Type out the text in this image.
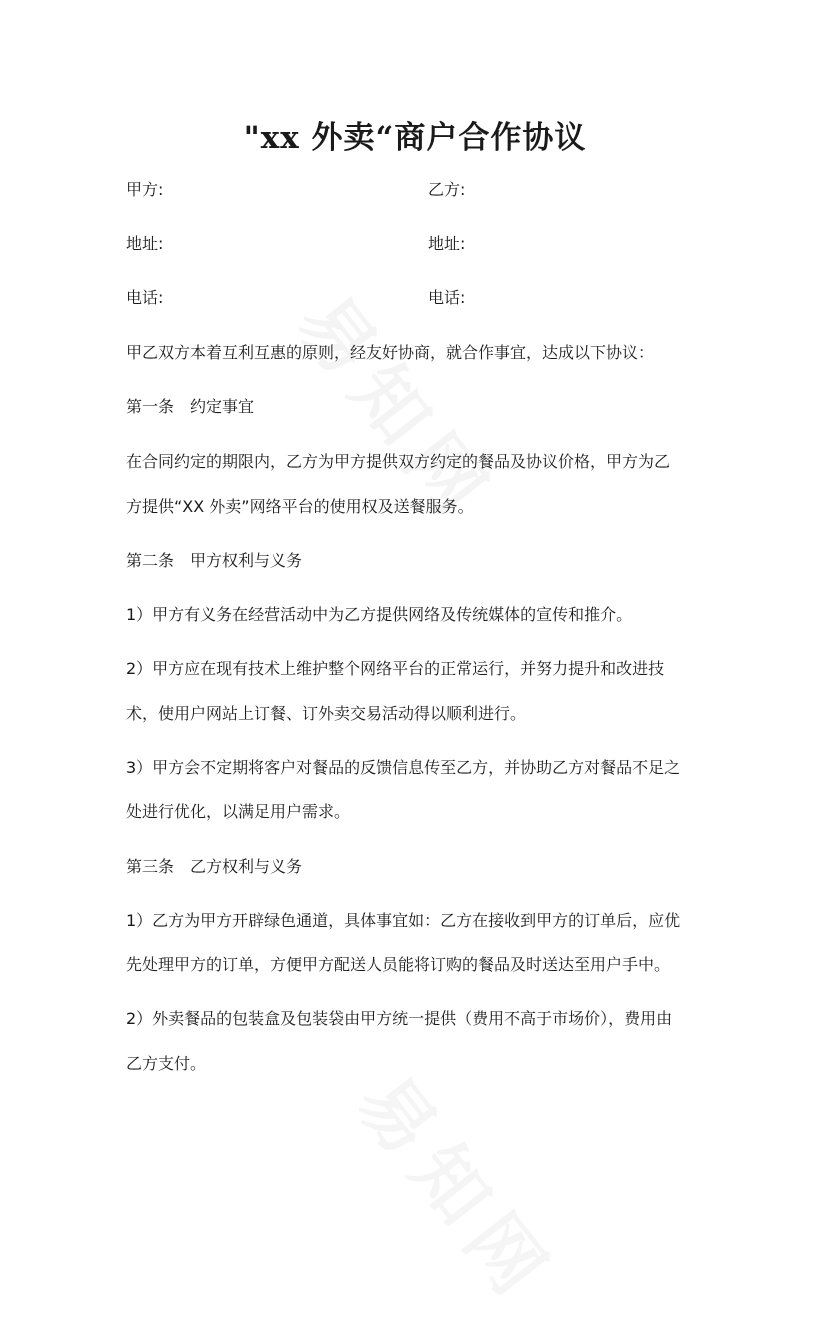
"xx 外卖“商户合作协议
甲方:	乙方:
地址:	地址:
电话:	电话:
甲乙双方本着互利互惠的原则，经友好协商，就合作事宜，达成以下协议：
第一条　约定事宜
在合同约定的期限内，乙方为甲方提供双方约定的餐品及协议价格，甲方为乙
方提供“XX 外卖”网络平台的使用权及送餐服务。
第二条　甲方权利与义务
1）甲方有义务在经营活动中为乙方提供网络及传统媒体的宣传和推介。
2）甲方应在现有技术上维护整个网络平台的正常运行，并努力提升和改进技
术，使用户网站上订餐、订外卖交易活动得以顺利进行。
3）甲方会不定期将客户对餐品的反馈信息传至乙方，并协助乙方对餐品不足之
处进行优化，以满足用户需求。
第三条　乙方权利与义务
1）乙方为甲方开辟绿色通道，具体事宜如：乙方在接收到甲方的订单后，应优
先处理甲方的订单，方便甲方配送人员能将订购的餐品及时送达至用户手中。
2）外卖餐品的包装盒及包装袋由甲方统一提供（费用不高于市场价），费用由
乙方支付。
